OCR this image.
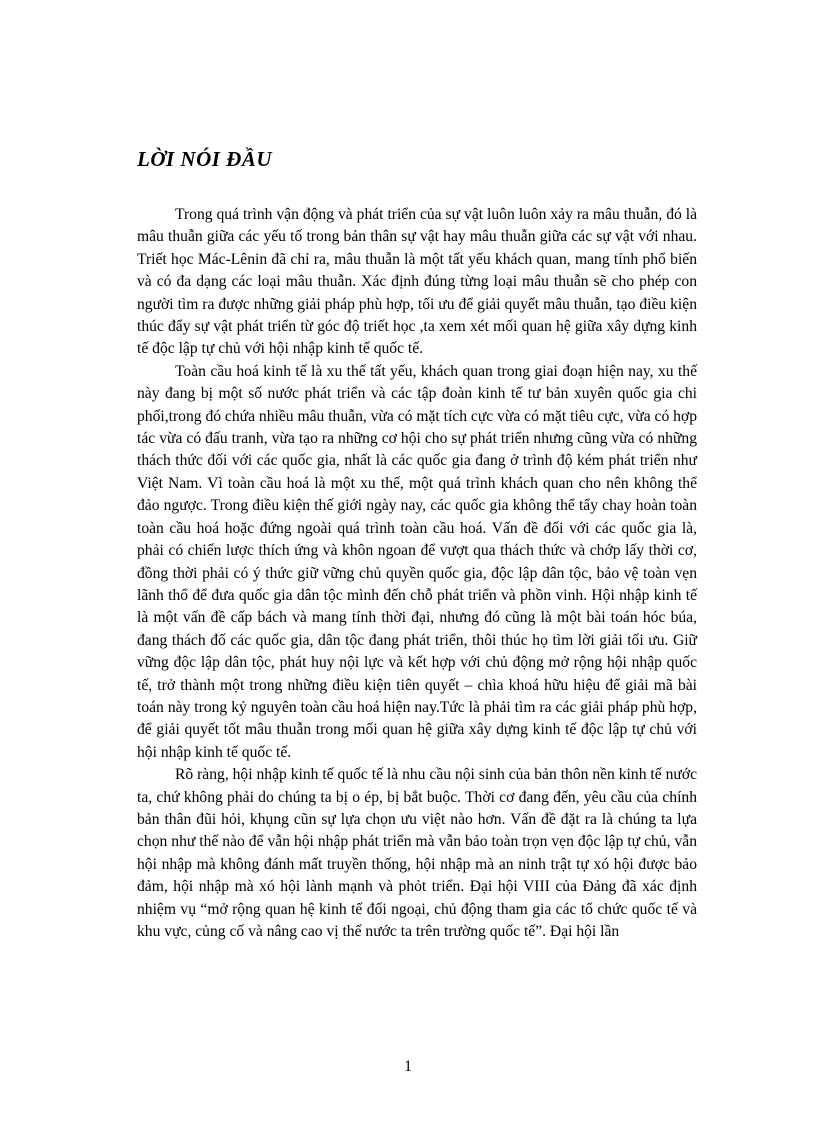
LỜI NÓI ĐẦU

Trong quá trình vận động và phát triển của sự vật luôn luôn xảy ra mâu thuẫn, đó là mâu thuẫn giữa các yếu tố trong bản thân sự vật hay mâu thuẫn giữa các sự vật với nhau. Triết học Mác-Lênin đã chỉ ra, mâu thuẫn là một tất yếu khách quan, mang tính phổ biến và có đa dạng các loại mâu thuẫn. Xác định đúng từng loại mâu thuẫn sẽ cho phép con người tìm ra được những giải pháp phù hợp, tối ưu để giải quyết mâu thuẫn, tạo điều kiện thúc đẩy sự vật phát triển từ góc độ triết học ,ta xem xét mối quan hệ giữa xây dựng kinh tế độc lập tự chủ với hội nhập kinh tế quốc tế.

Toàn cầu hoá kinh tế là xu thế tất yếu, khách quan trong giai đoạn hiện nay, xu thế này đang bị một số nước phát triển và các tập đoàn kinh tế tư bản xuyên quốc gia chi phối,trong đó chứa nhiều mâu thuẫn, vừa có mặt tích cực vừa có mặt tiêu cực, vừa có hợp tác vừa có đấu tranh, vừa tạo ra những cơ hội cho sự phát triển nhưng cũng vừa có những thách thức đối với các quốc gia, nhất là các quốc gia đang ở trình độ kém phát triển như Việt Nam. Vì toàn cầu hoá là một xu thế, một quá trình khách quan cho nên không thể đảo ngược. Trong điều kiện thế giới ngày nay, các quốc gia không thể tẩy chay hoàn toàn toàn cầu hoá hoặc đứng ngoài quá trình toàn cầu hoá. Vấn đề đối với các quốc gia là, phải có chiến lược thích ứng và khôn ngoan để vượt qua thách thức và chớp lấy thời cơ, đồng thời phải có ý thức giữ vững chủ quyền quốc gia, độc lập dân tộc, bảo vệ toàn vẹn lãnh thổ để đưa quốc gia dân tộc mình đến chỗ phát triển và phồn vinh. Hội nhập kinh tế là một vấn đề cấp bách và mang tính thời đại, nhưng đó cũng là một bài toán hóc búa, đang thách đố các quốc gia, dân tộc đang phát triển, thôi thúc họ tìm lời giải tối ưu. Giữ vững độc lập dân tộc, phát huy nội lực và kết hợp với chủ động mở rộng hội nhập quốc tế, trở thành một trong những điều kiện tiên quyết – chìa khoá hữu hiệu để giải mã bài toán này trong kỷ nguyên toàn cầu hoá hiện nay.Tức là phải tìm ra các giải pháp phù hợp, để giải quyết tốt mâu thuẫn trong mối quan hệ giữa xây dựng kinh tế độc lập tự chủ với hội nhập kinh tế quốc tế.

Rõ ràng, hội nhập kinh tế quốc tế là nhu cầu nội sinh của bản thôn nền kinh tế nước ta, chứ không phải do chúng ta bị o ép, bị bắt buộc. Thời cơ đang đến, yêu cầu của chính bản thân đũi hỏi, khụng cũn sự lựa chọn ưu việt nào hơn. Vấn đề đặt ra là chúng ta lựa chọn như thế nào để vẫn hội nhập phát triển mà vẫn bảo toàn trọn vẹn độc lập tự chủ, vẫn hội nhập mà không đánh mất truyền thống, hội nhập mà an ninh trật tự xó hội được bảo đảm, hội nhập mà xó hội lành mạnh và phỏt triển. Đại hội VIII của Đảng đã xác định nhiệm vụ “mở rộng quan hệ kinh tế đối ngoại, chủ động tham gia các tổ chức quốc tế và khu vực, củng cố và nâng cao vị thế nước ta trên trường quốc tế”. Đại hội lần

1
